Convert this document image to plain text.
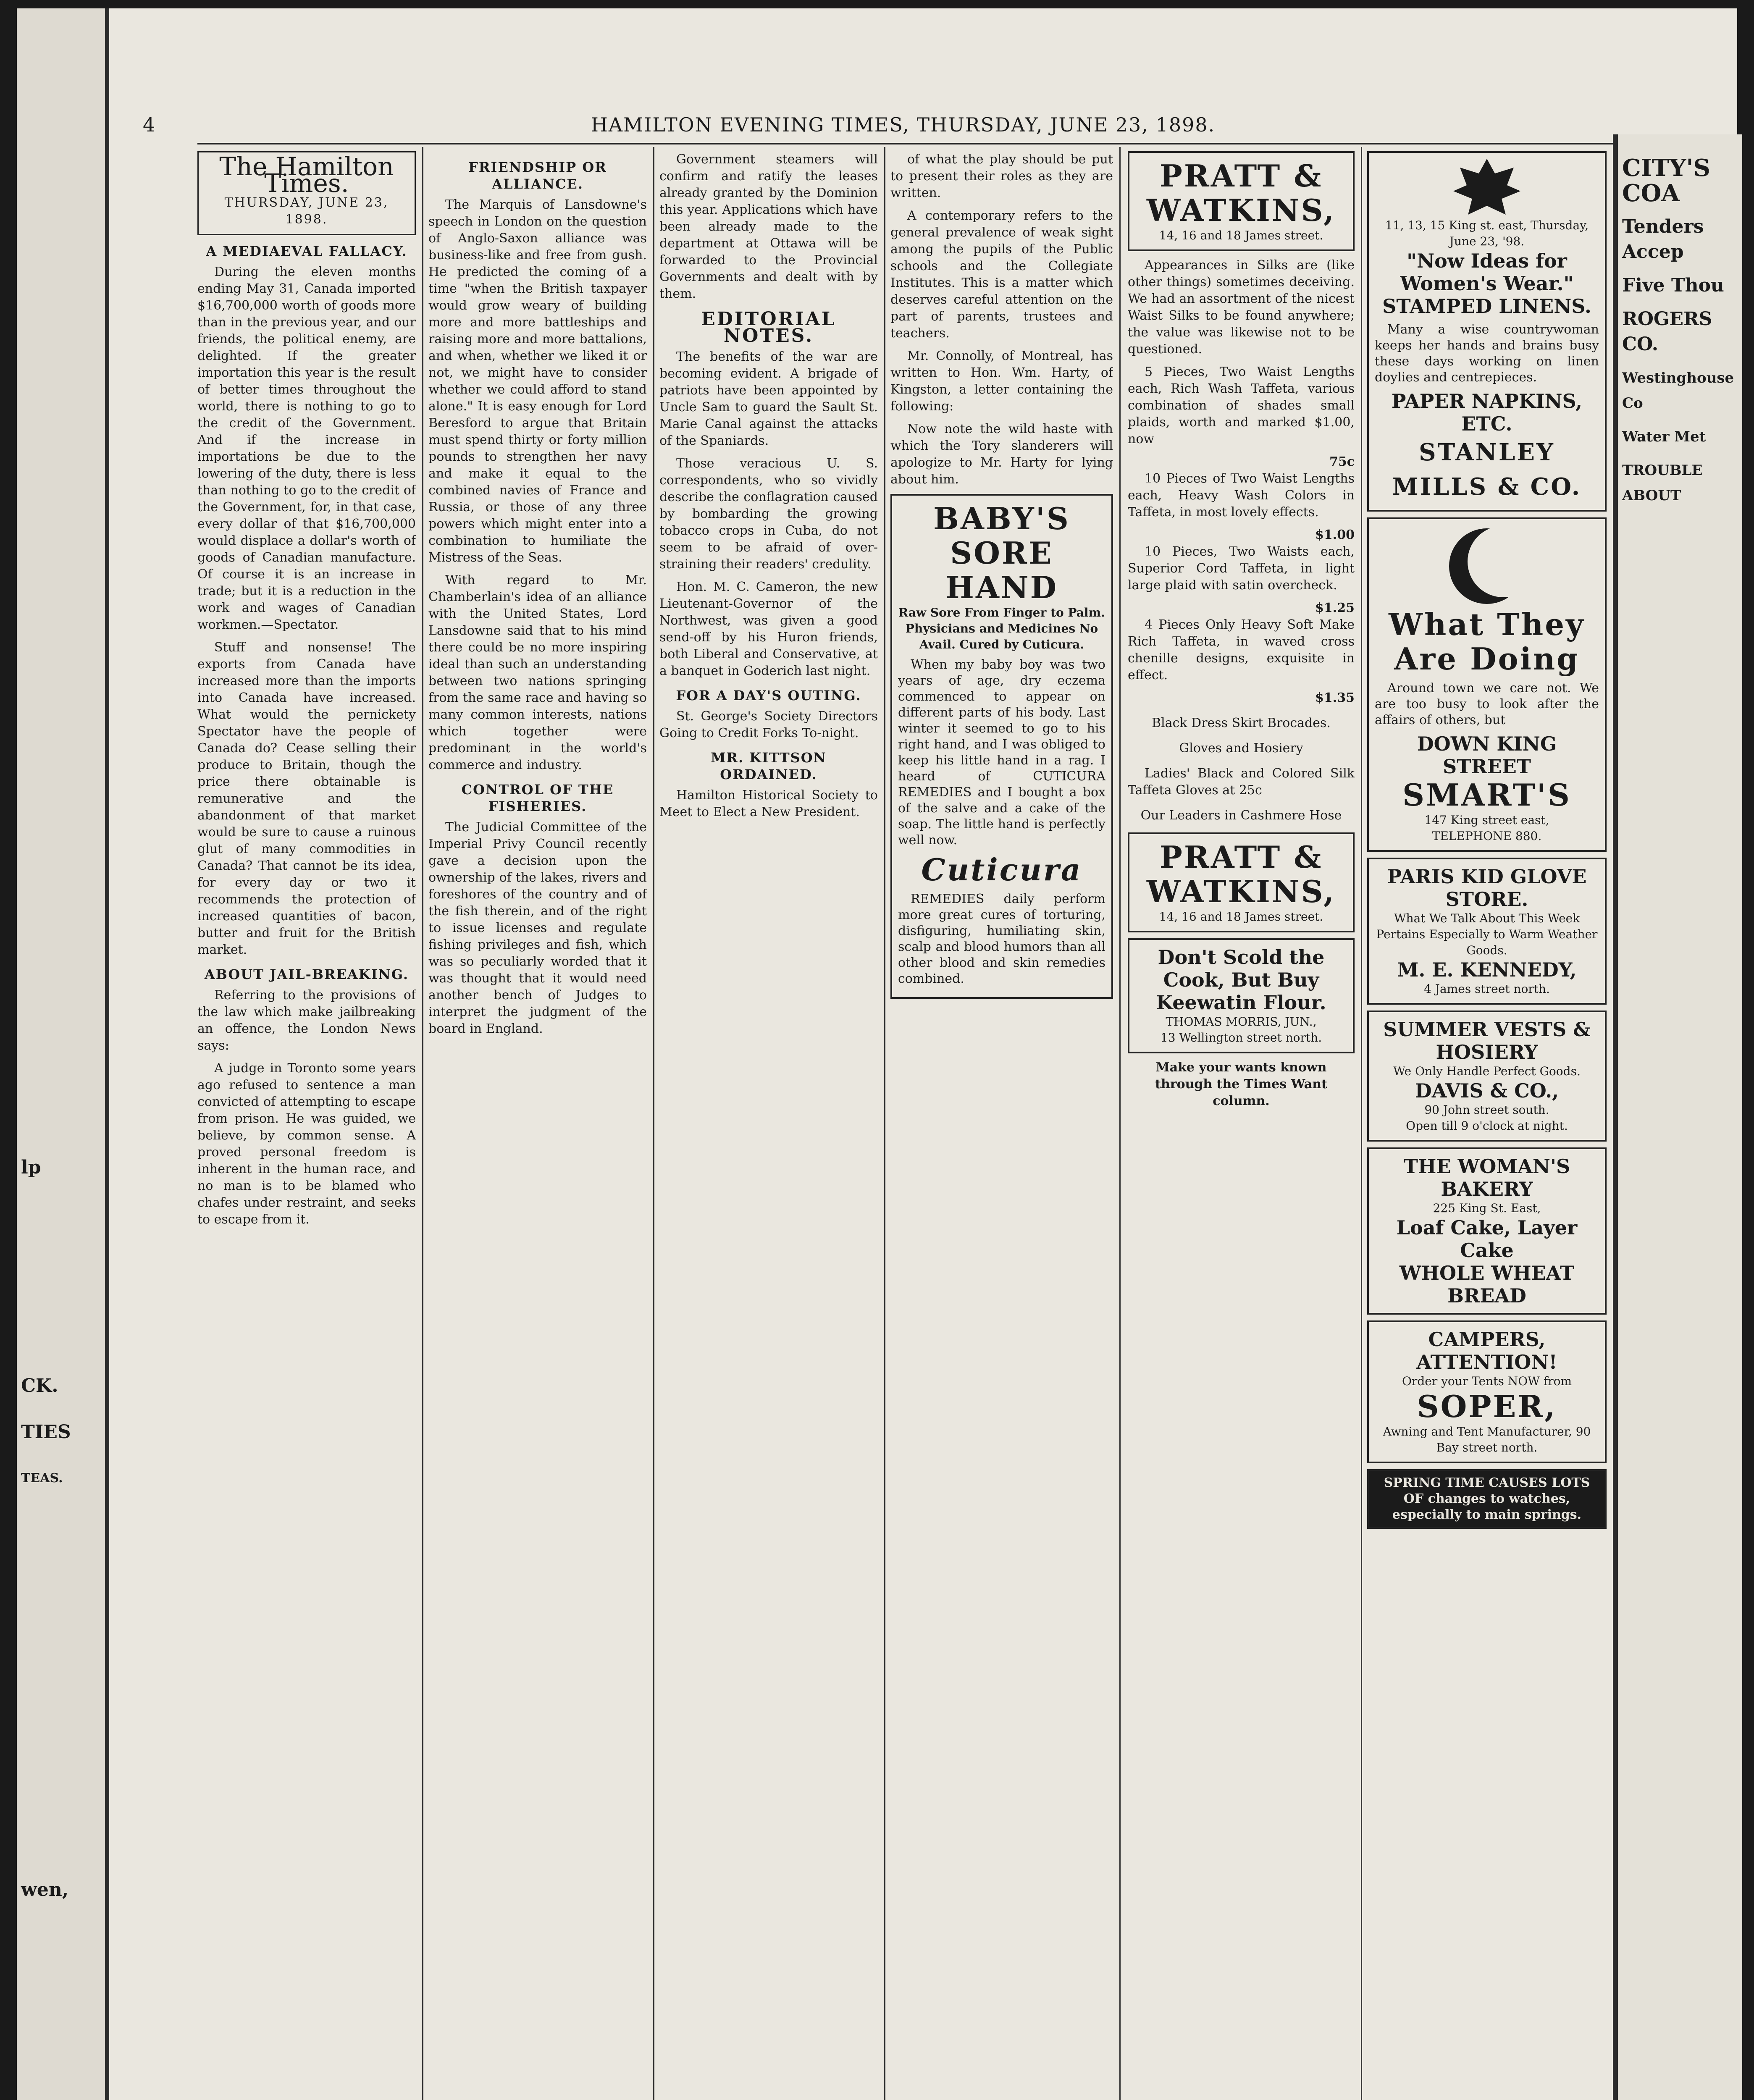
lp
CK.
TIES
TEAS.
wen,
4	HAMILTON EVENING TIMES, THURSDAY, JUNE 23, 1898.
The Hamilton Times.
THURSDAY, JUNE 23, 1898.
A MEDIAEVAL FALLACY.

During the eleven months ending May 31, Canada imported $16,700,000 worth of goods more than in the previous year, and our friends, the political enemy, are delighted. If the greater importation this year is the result of better times throughout the world, there is nothing to go to the credit of the Government. And if the increase in importations be due to the lowering of the duty, there is less than nothing to go to the credit of the Government, for, in that case, every dollar of that $16,700,000 would displace a dollar's worth of goods of Canadian manufacture. Of course it is an increase in trade; but it is a reduction in the work and wages of Canadian workmen.—Spectator.

Stuff and nonsense! The exports from Canada have increased more than the imports into Canada have increased. What would the pernickety Spectator have the people of Canada do? Cease selling their produce to Britain, though the price there obtainable is remunerative and the abandonment of that market would be sure to cause a ruinous glut of many commodities in Canada? That cannot be its idea, for every day or two it recommends the protection of increased quantities of bacon, butter and fruit for the British market.

ABOUT JAIL-BREAKING.

Referring to the provisions of the law which make jailbreaking an offence, the London News says:

A judge in Toronto some years ago refused to sentence a man convicted of attempting to escape from prison. He was guided, we believe, by common sense. A proved personal freedom is inherent in the human race, and no man is to be blamed who chafes under restraint, and seeks to escape from it.

FRIENDSHIP OR ALLIANCE.

The Marquis of Lansdowne's speech in London on the question of Anglo-Saxon alliance was business-like and free from gush. He predicted the coming of a time "when the British taxpayer would grow weary of building more and more battleships and raising more and more battalions, and when, whether we liked it or not, we might have to consider whether we could afford to stand alone." It is easy enough for Lord Beresford to argue that Britain must spend thirty or forty million pounds to strengthen her navy and make it equal to the combined navies of France and Russia, or those of any three powers which might enter into a combination to humiliate the Mistress of the Seas.

With regard to Mr. Chamberlain's idea of an alliance with the United States, Lord Lansdowne said that to his mind there could be no more inspiring ideal than such an understanding between two nations springing from the same race and having so many common interests, nations which together were predominant in the world's commerce and industry.

CONTROL OF THE FISHERIES.

The Judicial Committee of the Imperial Privy Council recently gave a decision upon the ownership of the lakes, rivers and foreshores of the country and of the fish therein, and of the right to issue licenses and regulate fishing privileges and fish, which was so peculiarly worded that it was thought that it would need another bench of Judges to interpret the judgment of the board in England.

Government steamers will confirm and ratify the leases already granted by the Dominion this year. Applications which have been already made to the department at Ottawa will be forwarded to the Provincial Governments and dealt with by them.

EDITORIAL NOTES.

The benefits of the war are becoming evident. A brigade of patriots have been appointed by Uncle Sam to guard the Sault St. Marie Canal against the attacks of the Spaniards.

Those veracious U. S. correspondents, who so vividly describe the conflagration caused by bombarding the growing tobacco crops in Cuba, do not seem to be afraid of over-straining their readers' credulity.

Hon. M. C. Cameron, the new Lieutenant-Governor of the Northwest, was given a good send-off by his Huron friends, both Liberal and Conservative, at a banquet in Goderich last night.

FOR A DAY'S OUTING.

St. George's Society Directors Going to Credit Forks To-night.

MR. KITTSON ORDAINED.

Hamilton Historical Society to Meet to Elect a New President.

of what the play should be put to present their roles as they are written.

A contemporary refers to the general prevalence of weak sight among the pupils of the Public schools and the Collegiate Institutes. This is a matter which deserves careful attention on the part of parents, trustees and teachers.

Mr. Connolly, of Montreal, has written to Hon. Wm. Harty, of Kingston, a letter containing the following:

Now note the wild haste with which the Tory slanderers will apologize to Mr. Harty for lying about him.

BABY'S SORE HAND
Raw Sore From Finger to Palm. Physicians and Medicines No Avail. Cured by Cuticura.

When my baby boy was two years of age, dry eczema commenced to appear on different parts of his body. Last winter it seemed to go to his right hand, and I was obliged to keep his little hand in a rag. I heard of CUTICURA REMEDIES and I bought a box of the salve and a cake of the soap. The little hand is perfectly well now.

Cuticura

REMEDIES daily perform more great cures of torturing, disfiguring, humiliating skin, scalp and blood humors than all other blood and skin remedies combined.

PRATT & WATKINS,
14, 16 and 18 James street.

Appearances in Silks are (like other things) sometimes deceiving. We had an assortment of the nicest Waist Silks to be found anywhere; the value was likewise not to be questioned.

5 Pieces, Two Waist Lengths each, Rich Wash Taffeta, various combination of shades small plaids, worth and marked $1.00, now

75c

10 Pieces of Two Waist Lengths each, Heavy Wash Colors in Taffeta, in most lovely effects.

$1.00

10 Pieces, Two Waists each, Superior Cord Taffeta, in light large plaid with satin overcheck.

$1.25

4 Pieces Only Heavy Soft Make Rich Taffeta, in waved cross chenille designs, exquisite in effect.

$1.35
Black Dress Skirt Brocades.
Gloves and Hosiery

Ladies' Black and Colored Silk Taffeta Gloves at 25c

Our Leaders in Cashmere Hose
PRATT & WATKINS,
14, 16 and 18 James street.
Don't Scold the Cook, But Buy Keewatin Flour.
THOMAS MORRIS, JUN.,
13 Wellington street north.
Make your wants known through the Times Want column.
11, 13, 15 King st. east, Thursday, June 23, '98.
"Now Ideas for Women's Wear."
STAMPED LINENS.

Many a wise countrywoman keeps her hands and brains busy these days working on linen doylies and centrepieces.

PAPER NAPKINS, ETC.
STANLEY MILLS & CO.
What They Are Doing

Around town we care not. We are too busy to look after the affairs of others, but

DOWN KING STREET
SMART'S
147 King street east,
TELEPHONE 880.
PARIS KID GLOVE STORE.
What We Talk About This Week Pertains Especially to Warm Weather Goods.
M. E. KENNEDY,
4 James street north.
SUMMER VESTS & HOSIERY
We Only Handle Perfect Goods.
DAVIS & CO.,
90 John street south.
Open till 9 o'clock at night.
THE WOMAN'S BAKERY
225 King St. East,
Loaf Cake, Layer Cake
WHOLE WHEAT BREAD
CAMPERS, ATTENTION!
Order your Tents NOW from
SOPER,
Awning and Tent Manufacturer, 90 Bay street north.
SPRING TIME CAUSES LOTS OF changes to watches, especially to main springs.
CITY'S COA
Tenders Accep
Five Thou
ROGERS CO.
Westinghouse Co
Water Met
TROUBLE ABOUT
